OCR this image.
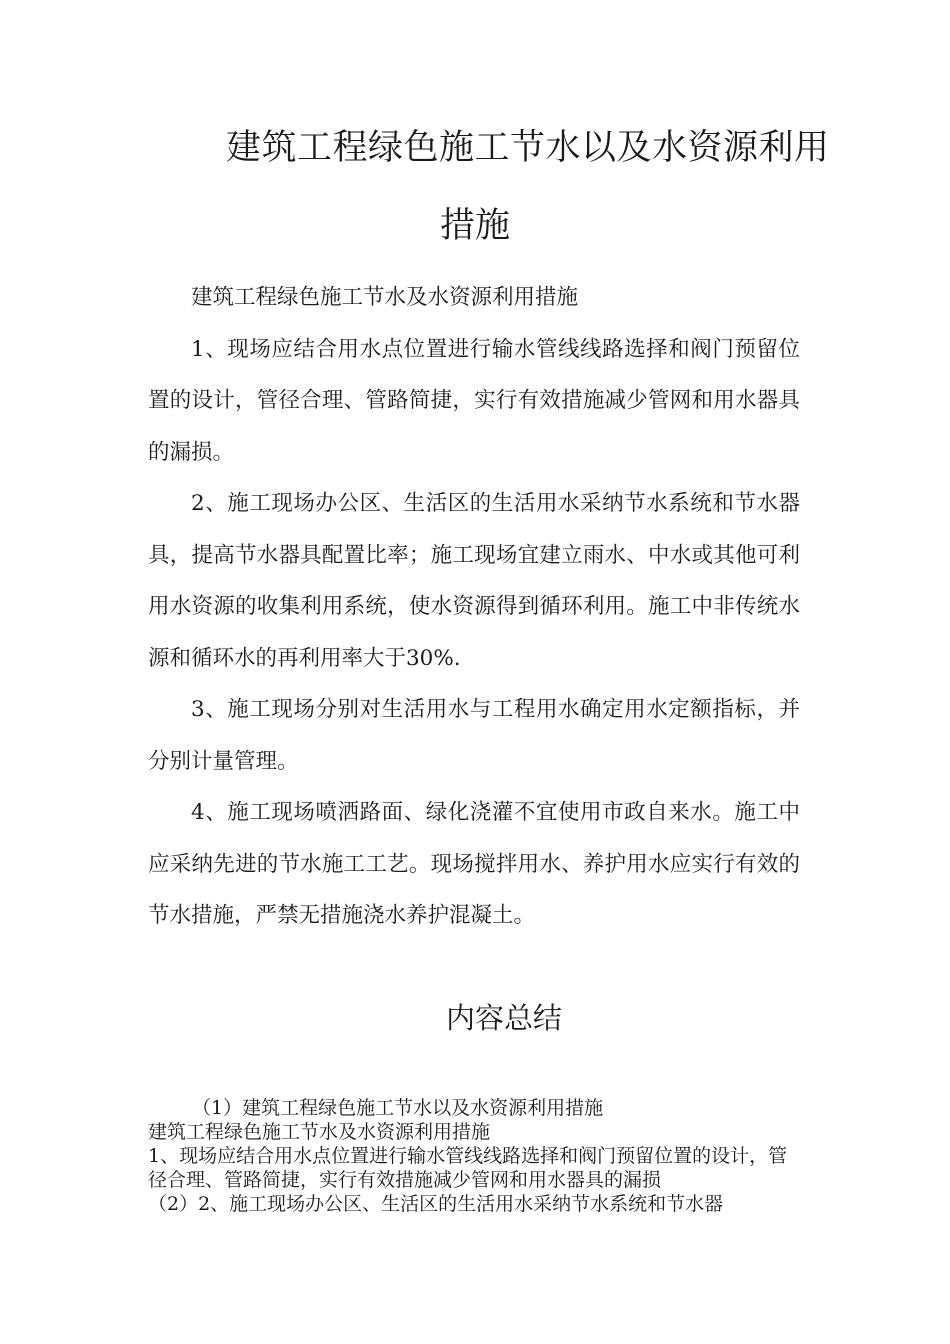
建筑工程绿色施工节水以及水资源利用
措施

建筑工程绿色施工节水及水资源利用措施

1、现场应结合用水点位置进行输水管线线路选择和阀门预留位置的设计，管径合理、管路简捷，实行有效措施减少管网和用水器具的漏损。

2、施工现场办公区、生活区的生活用水采纳节水系统和节水器具，提高节水器具配置比率；施工现场宜建立雨水、中水或其他可利用水资源的收集利用系统，使水资源得到循环利用。施工中非传统水源和循环水的再利用率大于30%.

3、施工现场分别对生活用水与工程用水确定用水定额指标，并分别计量管理。

4、施工现场喷洒路面、绿化浇灌不宜使用市政自来水。施工中应采纳先进的节水施工工艺。现场搅拌用水、养护用水应实行有效的节水措施，严禁无措施浇水养护混凝土。

内容总结

（1）建筑工程绿色施工节水以及水资源利用措施

建筑工程绿色施工节水及水资源利用措施

1、现场应结合用水点位置进行输水管线线路选择和阀门预留位置的设计，管径合理、管路简捷，实行有效措施减少管网和用水器具的漏损

（2）2、施工现场办公区、生活区的生活用水采纳节水系统和节水器
